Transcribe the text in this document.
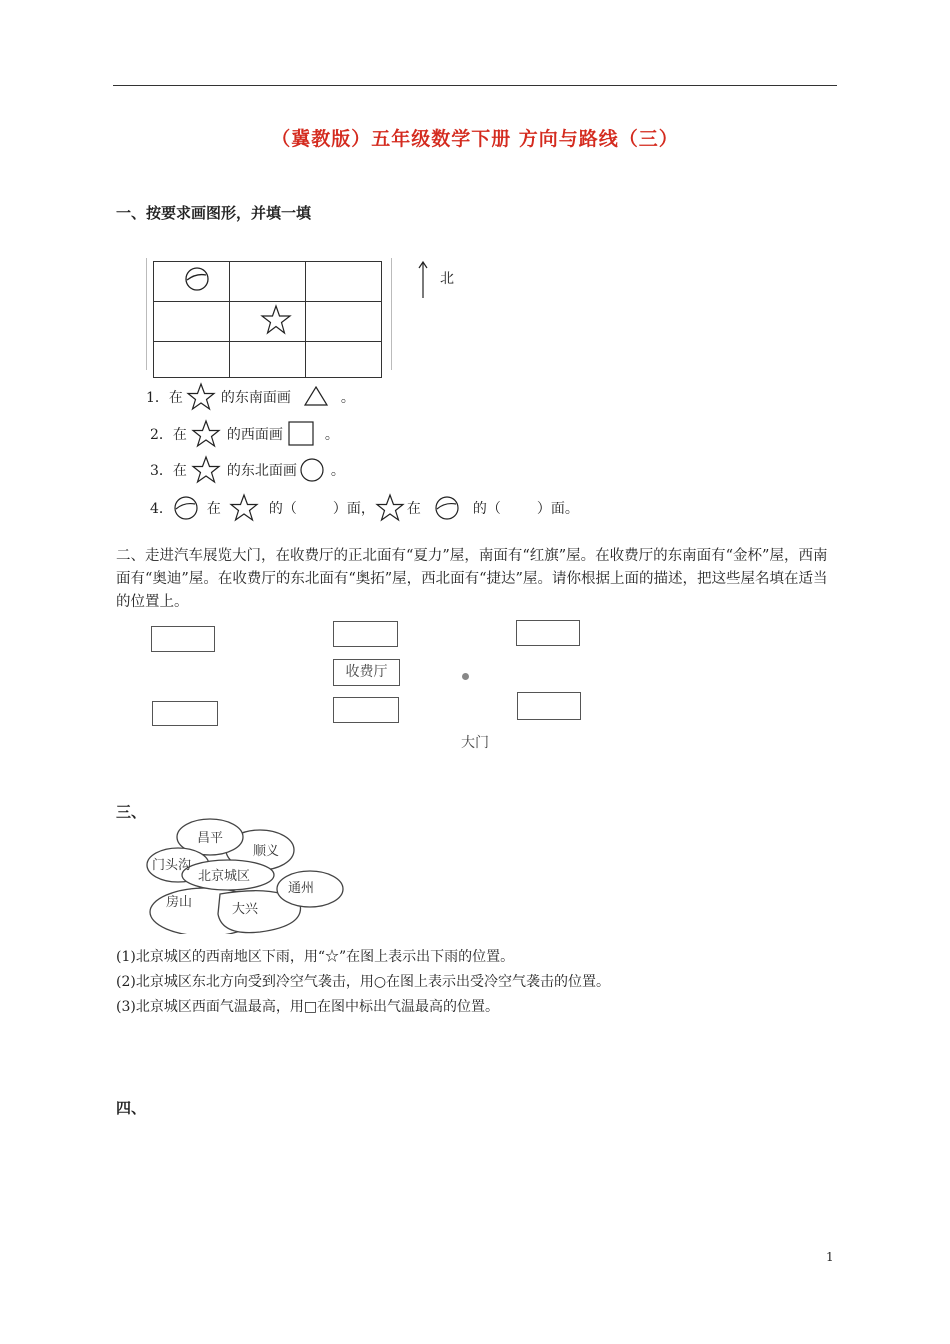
（冀教版）五年级数学下册 方向与路线（三）
一、按要求画图形，并填一填

北
1．在	的东南面画	。
2．在	的西面画	。
3．在	的东北面画 。
4． 在	的（	）面， 在	的（	）面。
二、走进汽车展览大门，在收费厅的正北面有“夏力”屋，南面有“红旗”屋。在收费厅的东南面有“金杯”屋，西南面有“奥迪”屋。在收费厅的东北面有“奥拓”屋，西北面有“捷达”屋。请你根据上面的描述，把这些屋名填在适当的位置上。
收费厅
大门
三、
昌平
顺义
门头沟
北京城区
通州
房山	大兴
(1)北京城区的西南地区下雨，用“☆”在图上表示出下雨的位置。
(2)北京城区东北方向受到冷空气袭击，用○在图上表示出受冷空气袭击的位置。
(3)北京城区西面气温最高，用□在图中标出气温最高的位置。
四、
1
